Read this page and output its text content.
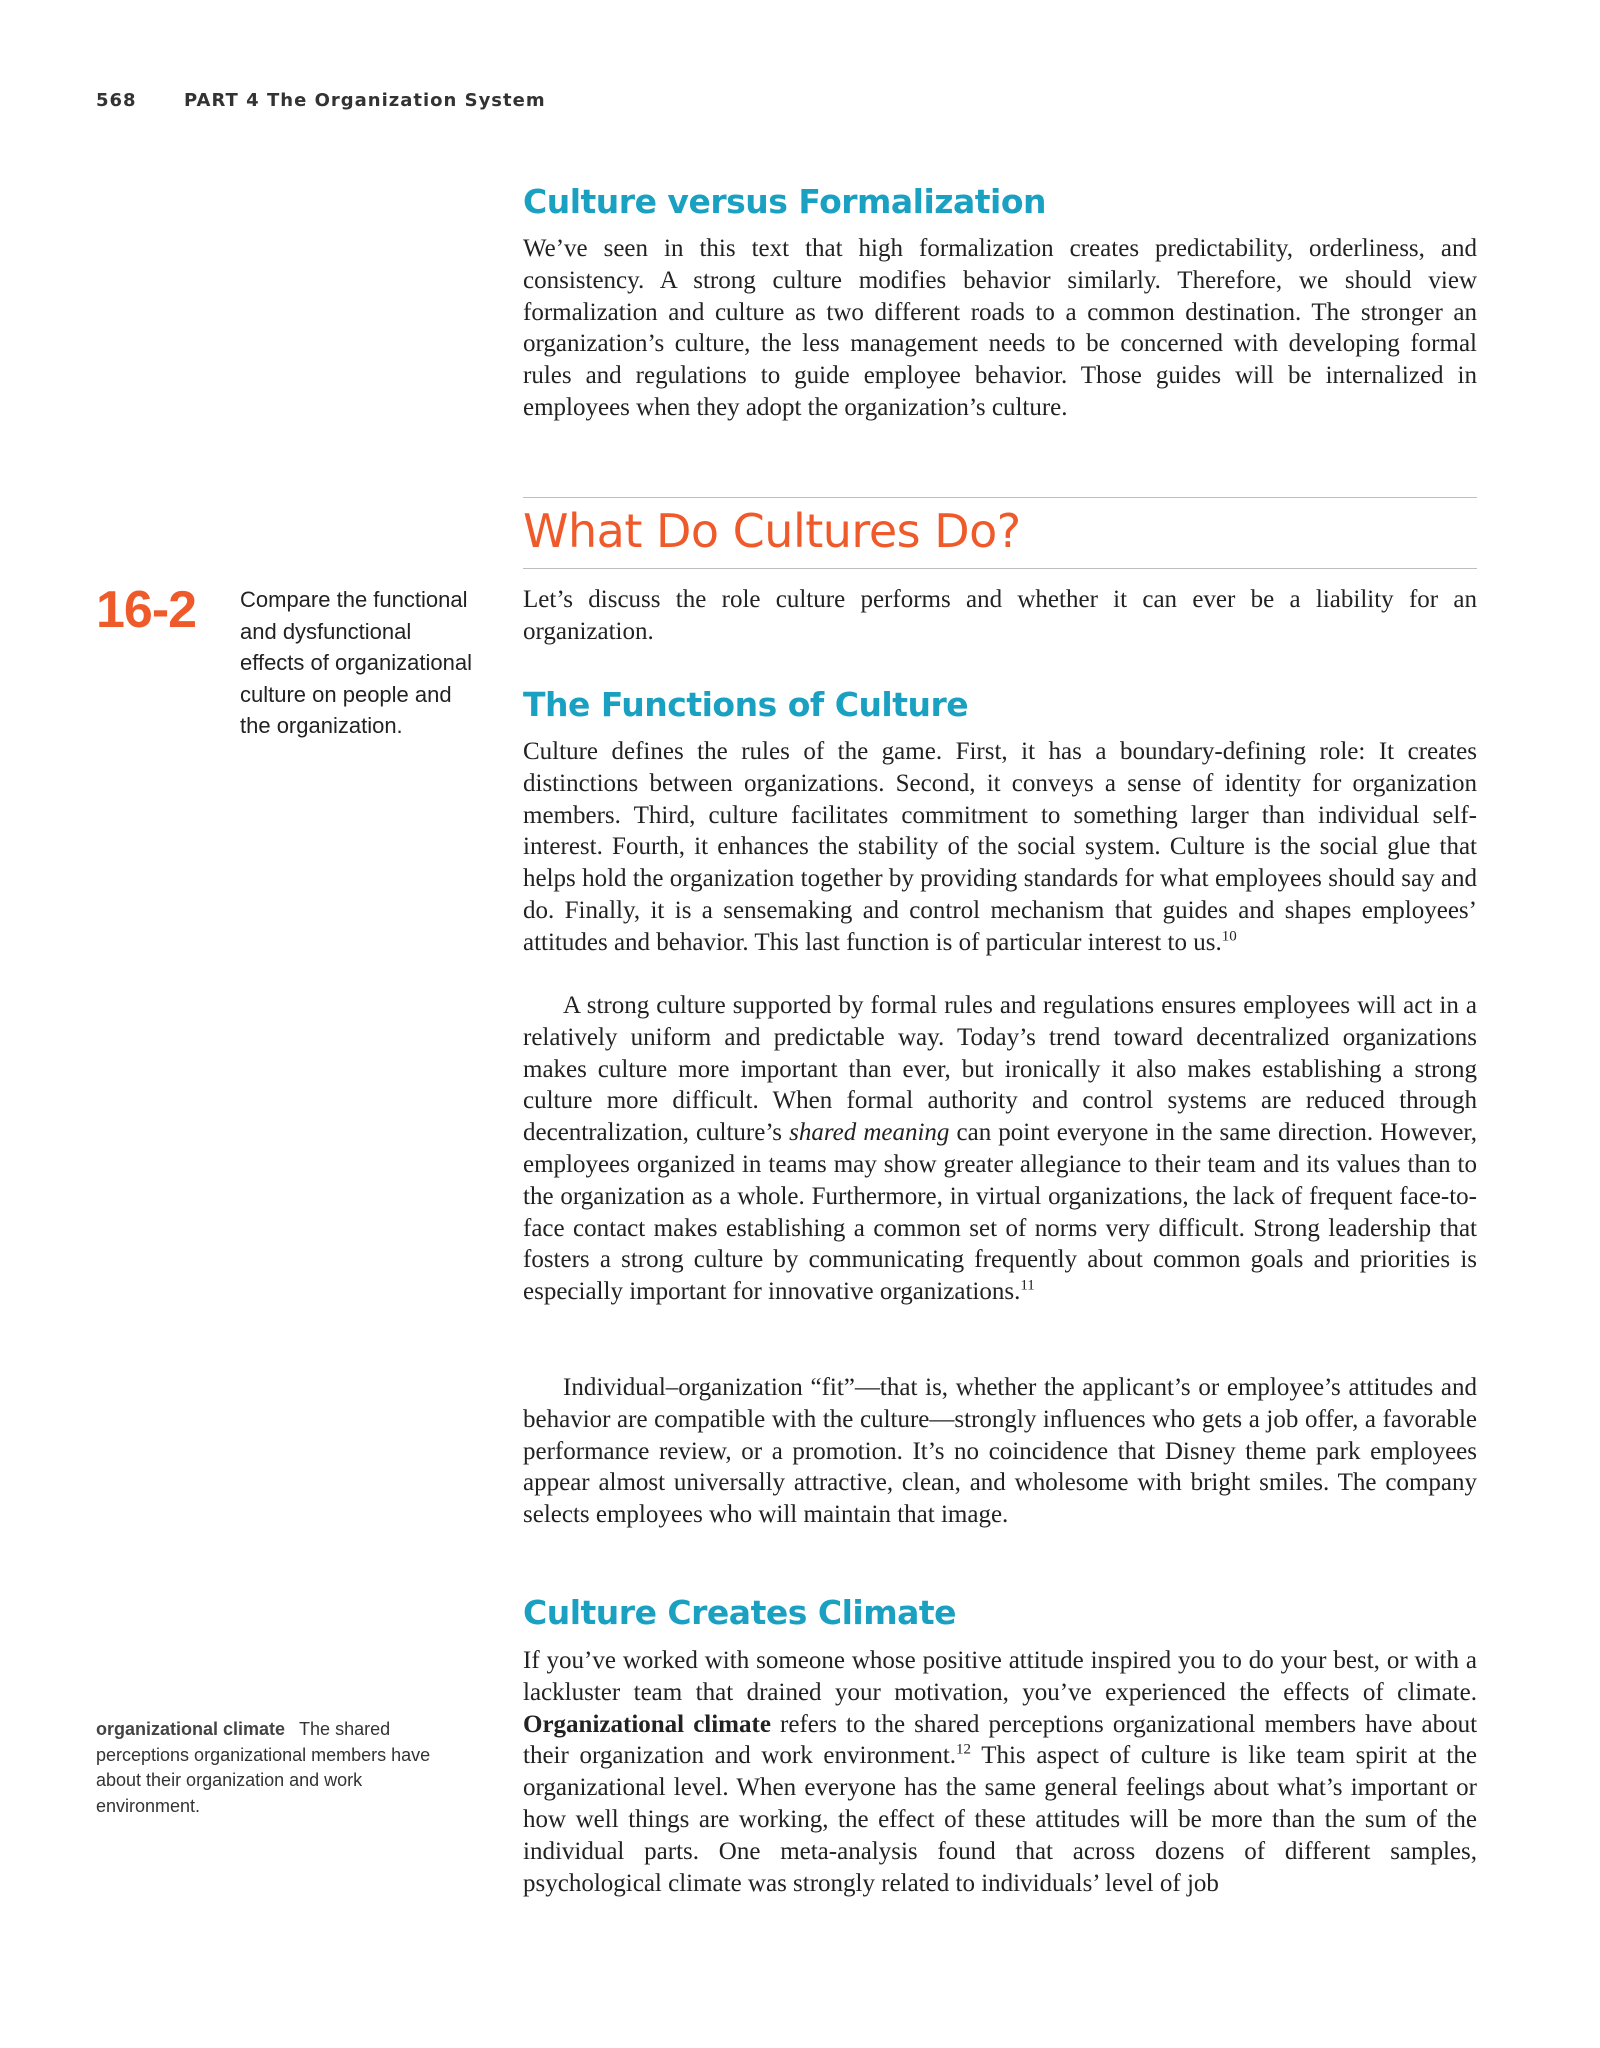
568	PART 4 The Organization System
16-2 Compare the functional and dysfunctional effects of organizational culture on people and the organization.
organizational climate The shared perceptions organizational members have about their organization and work environment.
Culture versus Formalization

We’ve seen in this text that high formalization creates predictability, orderliness, and consistency. A strong culture modifies behavior similarly. Therefore, we should view formalization and culture as two different roads to a common destination. The stronger an organization’s culture, the less management needs to be concerned with developing formal rules and regulations to guide employee behavior. Those guides will be internalized in employees when they adopt the organization’s culture.

What Do Cultures Do?

Let’s discuss the role culture performs and whether it can ever be a liability for an organization.

The Functions of Culture

Culture defines the rules of the game. First, it has a boundary-defining role: It creates distinctions between organizations. Second, it conveys a sense of identity for organization members. Third, culture facilitates commitment to something larger than individual self-interest. Fourth, it enhances the stability of the social system. Culture is the social glue that helps hold the organization together by providing standards for what employees should say and do. Finally, it is a sensemaking and control mechanism that guides and shapes employees’ attitudes and behavior. This last function is of particular interest to us.$^{10}$

A strong culture supported by formal rules and regulations ensures employees will act in a relatively uniform and predictable way. Today’s trend toward decentralized organizations makes culture more important than ever, but ironically it also makes establishing a strong culture more difficult. When formal authority and control systems are reduced through decentralization, culture’s shared meaning can point everyone in the same direction. However, employees organized in teams may show greater allegiance to their team and its values than to the organization as a whole. Furthermore, in virtual organizations, the lack of frequent face-to-face contact makes establishing a common set of norms very difficult. Strong leadership that fosters a strong culture by communicating frequently about common goals and priorities is especially important for innovative organizations.$^{11}$

Individual–organization “fit”—that is, whether the applicant’s or employee’s attitudes and behavior are compatible with the culture—strongly influences who gets a job offer, a favorable performance review, or a promotion. It’s no coincidence that Disney theme park employees appear almost universally attractive, clean, and wholesome with bright smiles. The company selects employees who will maintain that image.

Culture Creates Climate

If you’ve worked with someone whose positive attitude inspired you to do your best, or with a lackluster team that drained your motivation, you’ve experienced the effects of climate. Organizational climate refers to the shared perceptions organizational members have about their organization and work environment.$^{12}$ This aspect of culture is like team spirit at the organizational level. When everyone has the same general feelings about what’s important or how well things are working, the effect of these attitudes will be more than the sum of the individual parts. One meta-analysis found that across dozens of different samples, psychological climate was strongly related to individuals’ level of job
